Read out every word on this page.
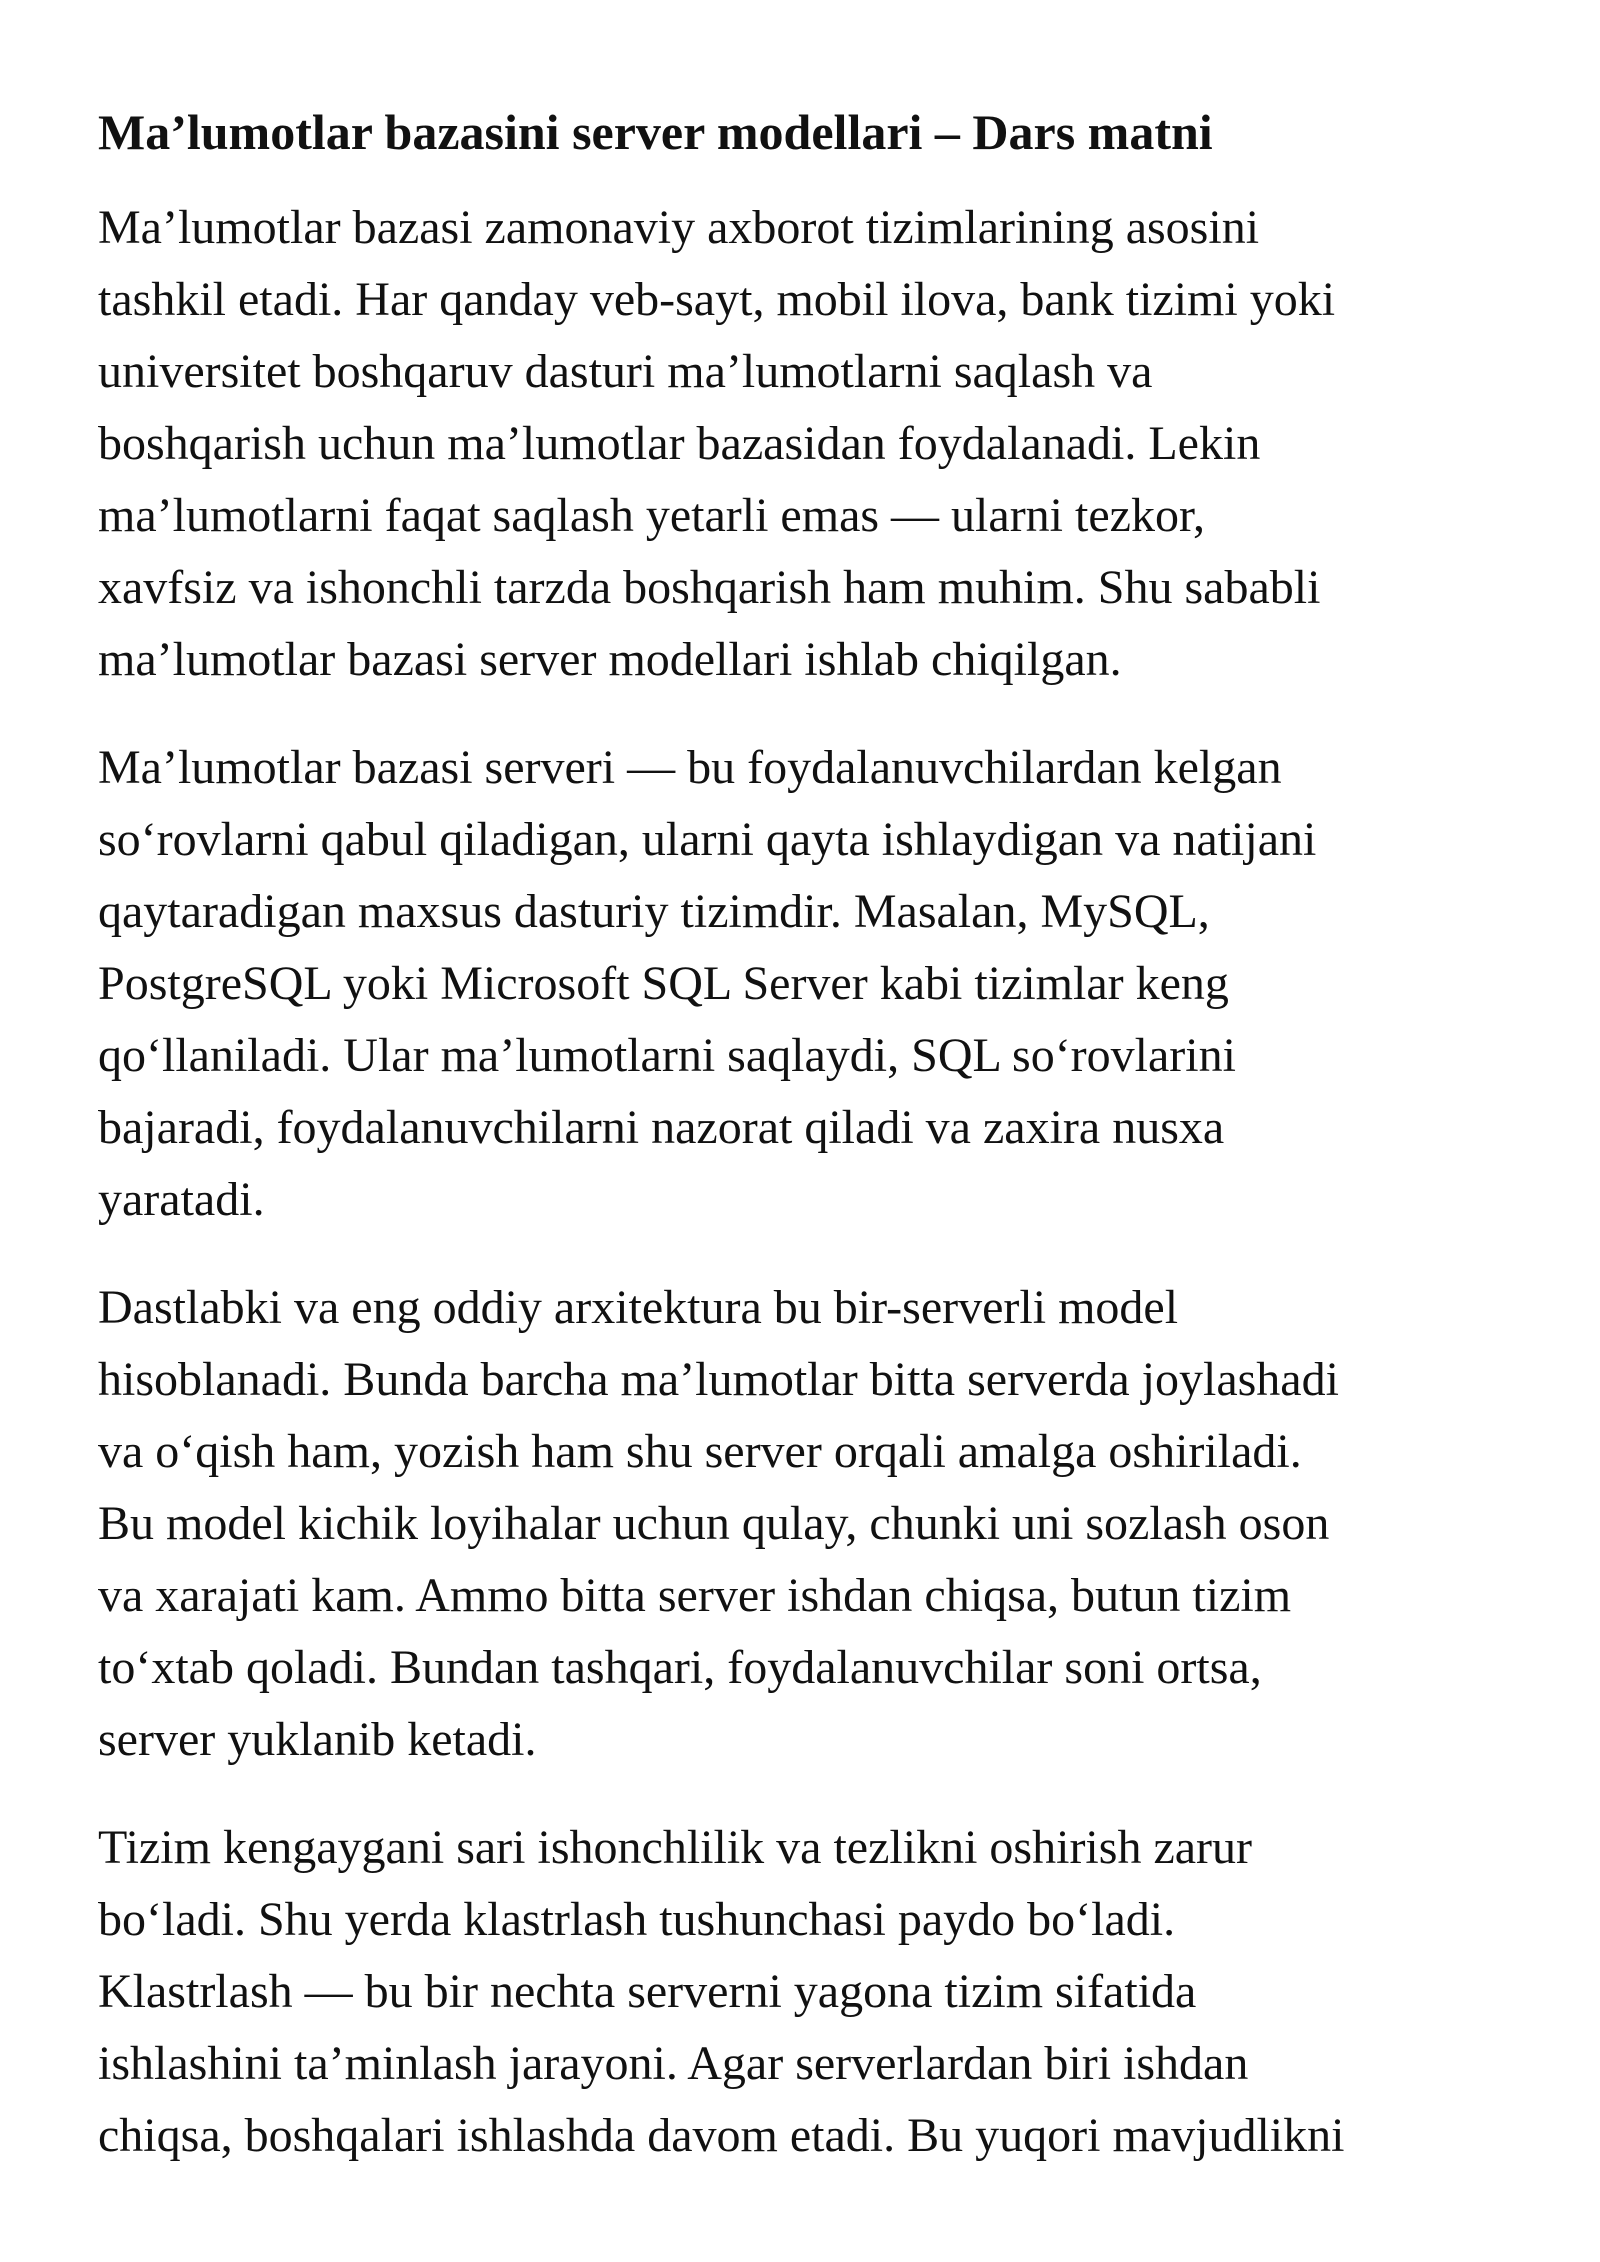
Ma’lumotlar bazasini server modellari – Dars matni
Ma’lumotlar bazasi zamonaviy axborot tizimlarining asosini
tashkil etadi. Har qanday veb-sayt, mobil ilova, bank tizimi yoki
universitet boshqaruv dasturi ma’lumotlarni saqlash va
boshqarish uchun ma’lumotlar bazasidan foydalanadi. Lekin
ma’lumotlarni faqat saqlash yetarli emas — ularni tezkor,
xavfsiz va ishonchli tarzda boshqarish ham muhim. Shu sababli
ma’lumotlar bazasi server modellari ishlab chiqilgan.
Ma’lumotlar bazasi serveri — bu foydalanuvchilardan kelgan
so‘rovlarni qabul qiladigan, ularni qayta ishlaydigan va natijani
qaytaradigan maxsus dasturiy tizimdir. Masalan, MySQL,
PostgreSQL yoki Microsoft SQL Server kabi tizimlar keng
qo‘llaniladi. Ular ma’lumotlarni saqlaydi, SQL so‘rovlarini
bajaradi, foydalanuvchilarni nazorat qiladi va zaxira nusxa
yaratadi.
Dastlabki va eng oddiy arxitektura bu bir-serverli model
hisoblanadi. Bunda barcha ma’lumotlar bitta serverda joylashadi
va o‘qish ham, yozish ham shu server orqali amalga oshiriladi.
Bu model kichik loyihalar uchun qulay, chunki uni sozlash oson
va xarajati kam. Ammo bitta server ishdan chiqsa, butun tizim
to‘xtab qoladi. Bundan tashqari, foydalanuvchilar soni ortsa,
server yuklanib ketadi.
Tizim kengaygani sari ishonchlilik va tezlikni oshirish zarur
bo‘ladi. Shu yerda klastrlash tushunchasi paydo bo‘ladi.
Klastrlash — bu bir nechta serverni yagona tizim sifatida
ishlashini ta’minlash jarayoni. Agar serverlardan biri ishdan
chiqsa, boshqalari ishlashda davom etadi. Bu yuqori mavjudlikni
